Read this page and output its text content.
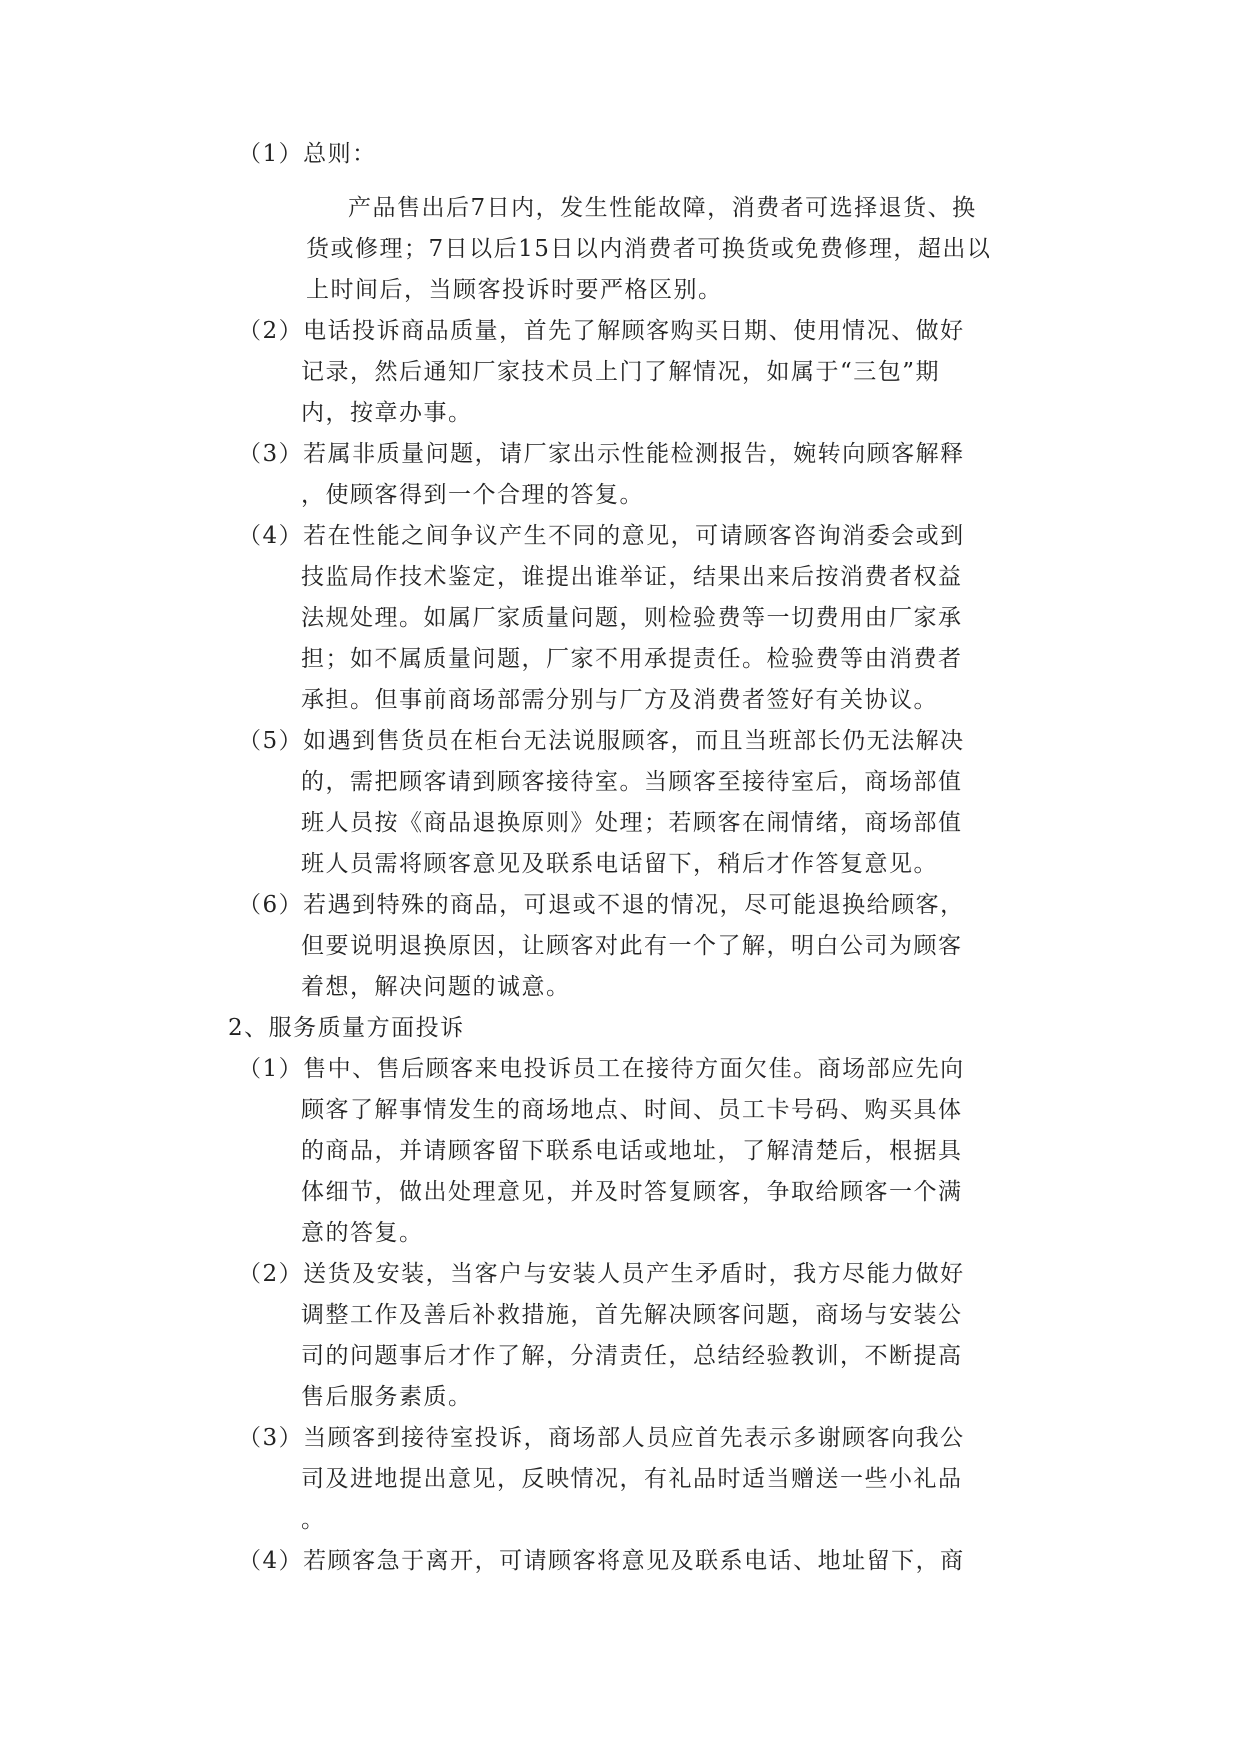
（1）总则：
产品售出后7日内，发生性能故障，消费者可选择退货、换
货或修理；7日以后15日以内消费者可换货或免费修理，超出以
上时间后，当顾客投诉时要严格区别。
（2）电话投诉商品质量，首先了解顾客购买日期、使用情况、做好
记录，然后通知厂家技术员上门了解情况，如属于“三包”期
内，按章办事。
（3）若属非质量问题，请厂家出示性能检测报告，婉转向顾客解释
，使顾客得到一个合理的答复。
（4）若在性能之间争议产生不同的意见，可请顾客咨询消委会或到
技监局作技术鉴定，谁提出谁举证，结果出来后按消费者权益
法规处理。如属厂家质量问题，则检验费等一切费用由厂家承
担；如不属质量问题，厂家不用承提责任。检验费等由消费者
承担。但事前商场部需分别与厂方及消费者签好有关协议。
（5）如遇到售货员在柜台无法说服顾客，而且当班部长仍无法解决
的，需把顾客请到顾客接待室。当顾客至接待室后，商场部值
班人员按《商品退换原则》处理；若顾客在闹情绪，商场部值
班人员需将顾客意见及联系电话留下，稍后才作答复意见。
（6）若遇到特殊的商品，可退或不退的情况，尽可能退换给顾客，
但要说明退换原因，让顾客对此有一个了解，明白公司为顾客
着想，解决问题的诚意。
2、服务质量方面投诉
（1）售中、售后顾客来电投诉员工在接待方面欠佳。商场部应先向
顾客了解事情发生的商场地点、时间、员工卡号码、购买具体
的商品，并请顾客留下联系电话或地址，了解清楚后，根据具
体细节，做出处理意见，并及时答复顾客，争取给顾客一个满
意的答复。
（2）送货及安装，当客户与安装人员产生矛盾时，我方尽能力做好
调整工作及善后补救措施，首先解决顾客问题，商场与安装公
司的问题事后才作了解，分清责任，总结经验教训，不断提高
售后服务素质。
（3）当顾客到接待室投诉，商场部人员应首先表示多谢顾客向我公
司及进地提出意见，反映情况，有礼品时适当赠送一些小礼品
。
（4）若顾客急于离开，可请顾客将意见及联系电话、地址留下，商
